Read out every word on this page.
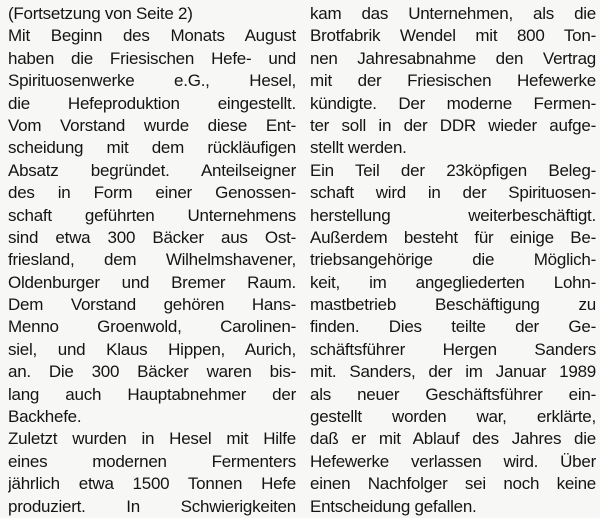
(Fortsetzung von Seite 2)
Mit Beginn des Monats August
haben die Friesischen Hefe- und
Spirituosenwerke e.G., Hesel,
die Hefeproduktion eingestellt.
Vom Vorstand wurde diese Ent-
scheidung mit dem rückläufigen
Absatz begründet. Anteilseigner
des in Form einer Genossen-
schaft geführten Unternehmens
sind etwa 300 Bäcker aus Ost-
friesland, dem Wilhelmshavener,
Oldenburger und Bremer Raum.
Dem Vorstand gehören Hans-
Menno Groenwold, Carolinen-
siel, und Klaus Hippen, Aurich,
an. Die 300 Bäcker waren bis-
lang auch Hauptabnehmer der
Backhefe.
Zuletzt wurden in Hesel mit Hilfe
eines modernen Fermenters
jährlich etwa 1500 Tonnen Hefe
produziert. In Schwierigkeiten
kam das Unternehmen, als die
Brotfabrik Wendel mit 800 Ton-
nen Jahresabnahme den Vertrag
mit der Friesischen Hefewerke
kündigte. Der moderne Fermen-
ter soll in der DDR wieder aufge-
stellt werden.
Ein Teil der 23köpfigen Beleg-
schaft wird in der Spirituosen-
herstellung weiterbeschäftigt.
Außerdem besteht für einige Be-
triebsangehörige die Möglich-
keit, im angegliederten Lohn-
mastbetrieb Beschäftigung zu
finden. Dies teilte der Ge-
schäftsführer Hergen Sanders
mit. Sanders, der im Januar 1989
als neuer Geschäftsführer ein-
gestellt worden war, erklärte,
daß er mit Ablauf des Jahres die
Hefewerke verlassen wird. Über
einen Nachfolger sei noch keine
Entscheidung gefallen.
